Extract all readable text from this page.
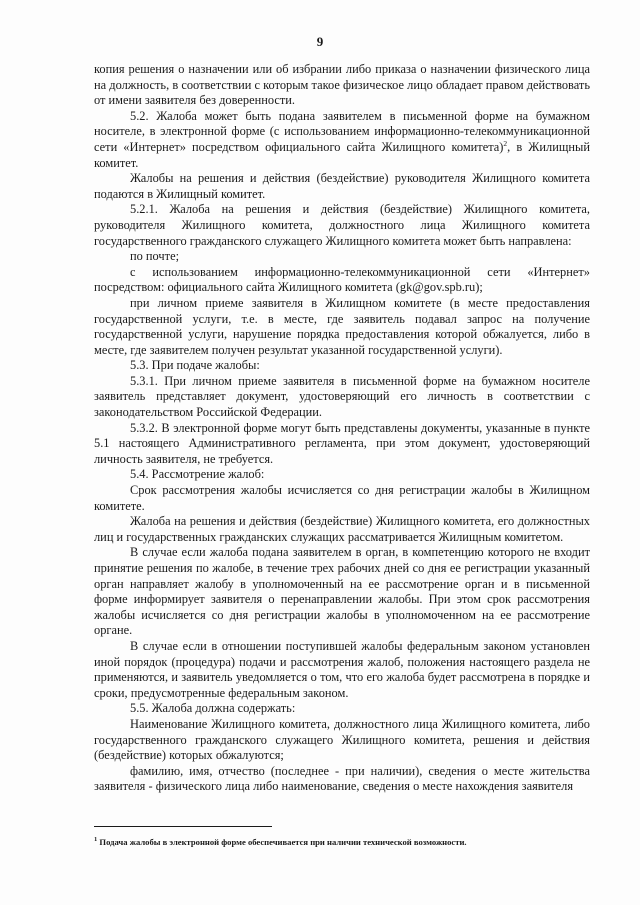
9

копия решения о назначении или об избрании либо приказа о назначении физического лица на должность, в соответствии с которым такое физическое лицо обладает правом действовать от имени заявителя без доверенности.

5.2. Жалоба может быть подана заявителем в письменной форме на бумажном носителе, в электронной форме (с использованием информационно-телекоммуникационной сети «Интернет» посредством официального сайта Жилищного комитета)$^2$, в Жилищный комитет.

Жалобы на решения и действия (бездействие) руководителя Жилищного комитета подаются в Жилищный комитет.

5.2.1. Жалоба на решения и действия (бездействие) Жилищного комитета, руководителя Жилищного комитета, должностного лица Жилищного комитета государственного гражданского служащего Жилищного комитета может быть направлена:

по почте;

с использованием информационно-телекоммуникационной сети «Интернет» посредством: официального сайта Жилищного комитета (gk@gov.spb.ru);

при личном приеме заявителя в Жилищном комитете (в месте предоставления государственной услуги, т.е. в месте, где заявитель подавал запрос на получение государственной услуги, нарушение порядка предоставления которой обжалуется, либо в месте, где заявителем получен результат указанной государственной услуги).

5.3. При подаче жалобы:

5.3.1. При личном приеме заявителя в письменной форме на бумажном носителе заявитель представляет документ, удостоверяющий его личность в соответствии с законодательством Российской Федерации.

5.3.2. В электронной форме могут быть представлены документы, указанные в пункте 5.1 настоящего Административного регламента, при этом документ, удостоверяющий личность заявителя, не требуется.

5.4. Рассмотрение жалоб:

Срок рассмотрения жалобы исчисляется со дня регистрации жалобы в Жилищном комитете.

Жалоба на решения и действия (бездействие) Жилищного комитета, его должностных лиц и государственных гражданских служащих рассматривается Жилищным комитетом.

В случае если жалоба подана заявителем в орган, в компетенцию которого не входит принятие решения по жалобе, в течение трех рабочих дней со дня ее регистрации указанный орган направляет жалобу в уполномоченный на ее рассмотрение орган и в письменной форме информирует заявителя о перенаправлении жалобы. При этом срок рассмотрения жалобы исчисляется со дня регистрации жалобы в уполномоченном на ее рассмотрение органе.

В случае если в отношении поступившей жалобы федеральным законом установлен иной порядок (процедура) подачи и рассмотрения жалоб, положения настоящего раздела не применяются, и заявитель уведомляется о том, что его жалоба будет рассмотрена в порядке и сроки, предусмотренные федеральным законом.

5.5. Жалоба должна содержать:

Наименование Жилищного комитета, должностного лица Жилищного комитета, либо государственного гражданского служащего Жилищного комитета, решения и действия (бездействие) которых обжалуются;

фамилию, имя, отчество (последнее - при наличии), сведения о месте жительства заявителя - физического лица либо наименование, сведения о месте нахождения заявителя

$^1$ Подача жалобы в электронной форме обеспечивается при наличии технической возможности.
